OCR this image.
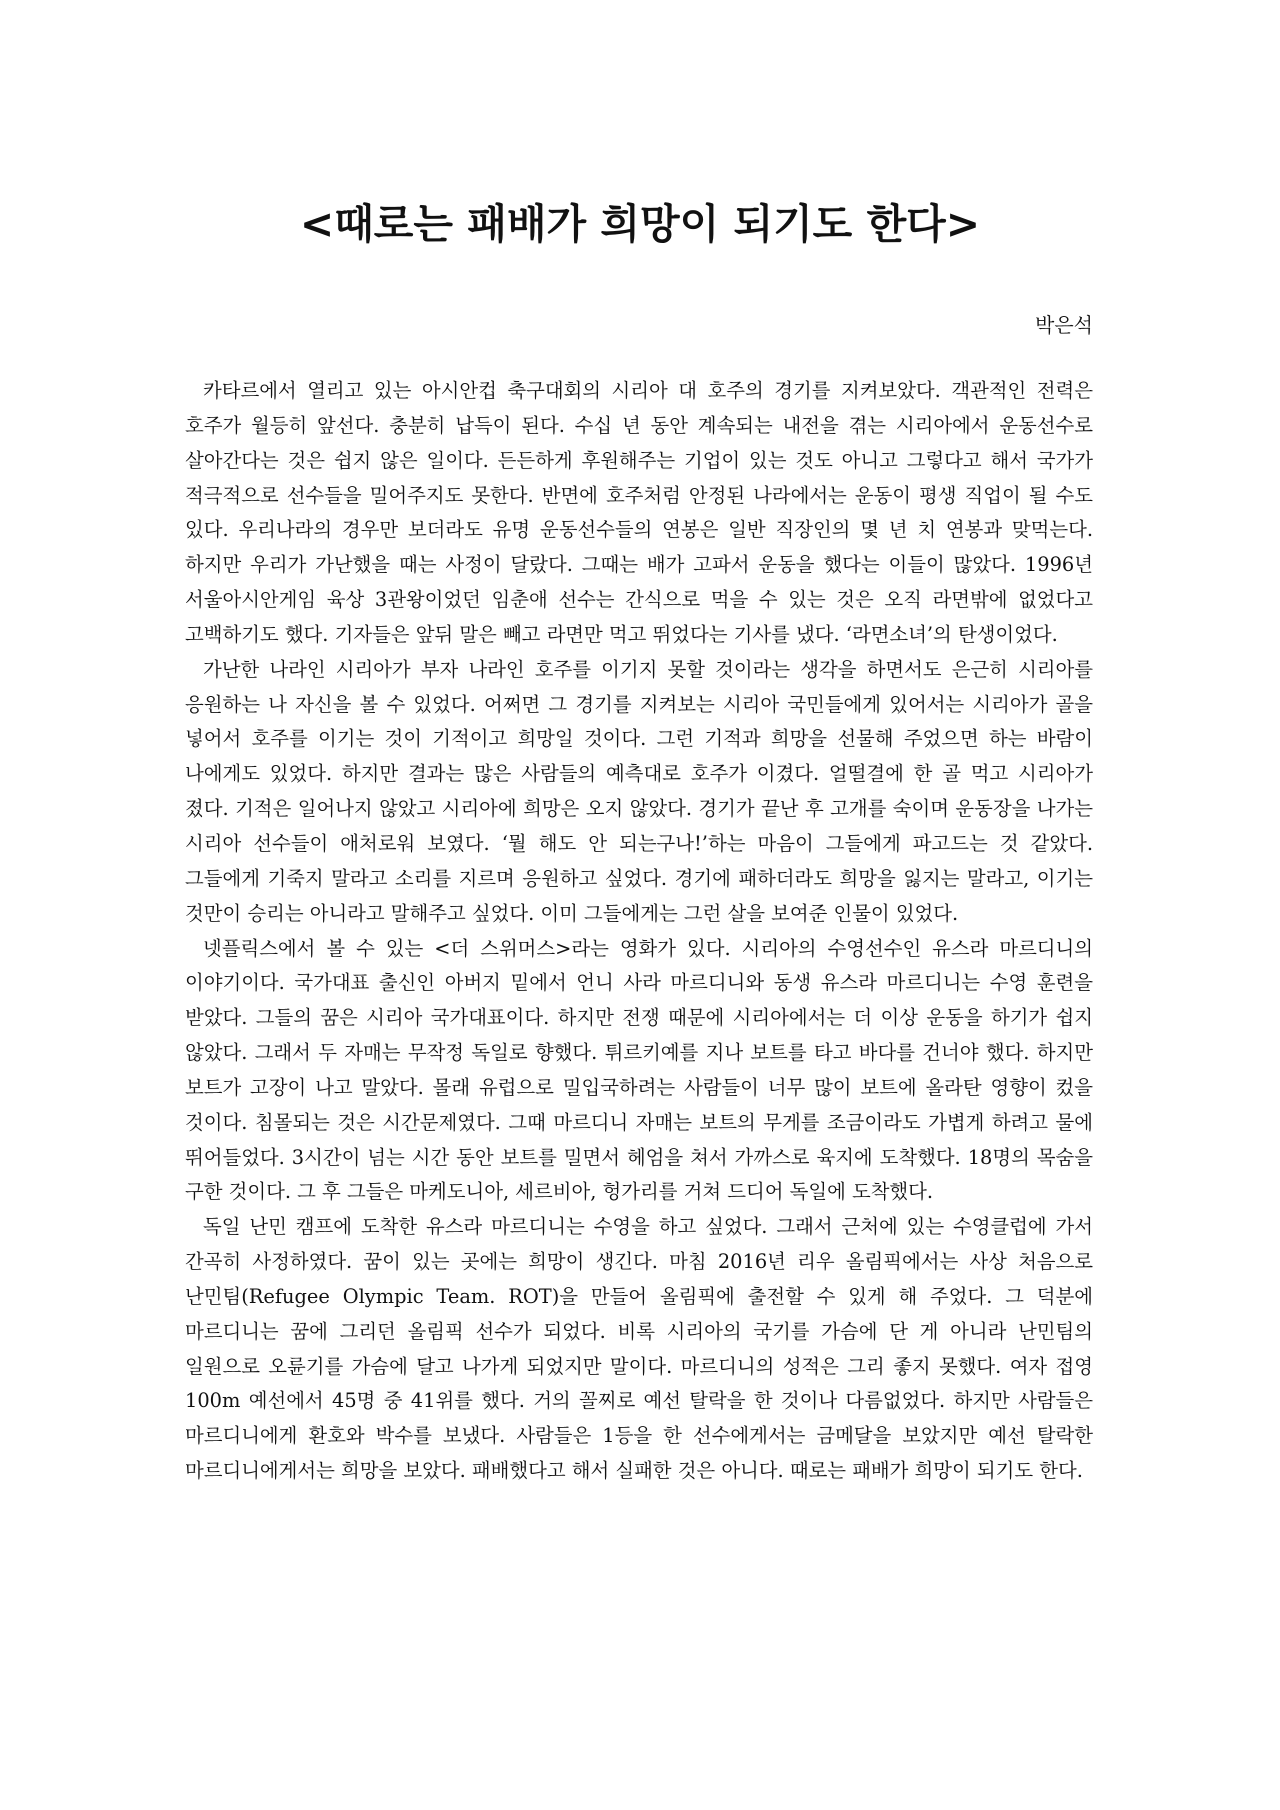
<때로는 패배가 희망이 되기도 한다>
박은석

카타르에서 열리고 있는 아시안컵 축구대회의 시리아 대 호주의 경기를 지켜보았다. 객관적인 전력은 호주가 월등히 앞선다. 충분히 납득이 된다. 수십 년 동안 계속되는 내전을 겪는 시리아에서 운동선수로 살아간다는 것은 쉽지 않은 일이다. 든든하게 후원해주는 기업이 있는 것도 아니고 그렇다고 해서 국가가 적극적으로 선수들을 밀어주지도 못한다. 반면에 호주처럼 안정된 나라에서는 운동이 평생 직업이 될 수도 있다. 우리나라의 경우만 보더라도 유명 운동선수들의 연봉은 일반 직장인의 몇 년 치 연봉과 맞먹는다. 하지만 우리가 가난했을 때는 사정이 달랐다. 그때는 배가 고파서 운동을 했다는 이들이 많았다. 1996년 서울아시안게임 육상 3관왕이었던 임춘애 선수는 간식으로 먹을 수 있는 것은 오직 라면밖에 없었다고 고백하기도 했다. 기자들은 앞뒤 말은 빼고 라면만 먹고 뛰었다는 기사를 냈다. ‘라면소녀’의 탄생이었다.

가난한 나라인 시리아가 부자 나라인 호주를 이기지 못할 것이라는 생각을 하면서도 은근히 시리아를 응원하는 나 자신을 볼 수 있었다. 어쩌면 그 경기를 지켜보는 시리아 국민들에게 있어서는 시리아가 골을 넣어서 호주를 이기는 것이 기적이고 희망일 것이다. 그런 기적과 희망을 선물해 주었으면 하는 바람이 나에게도 있었다. 하지만 결과는 많은 사람들의 예측대로 호주가 이겼다. 얼떨결에 한 골 먹고 시리아가 졌다. 기적은 일어나지 않았고 시리아에 희망은 오지 않았다. 경기가 끝난 후 고개를 숙이며 운동장을 나가는 시리아 선수들이 애처로워 보였다. ‘뭘 해도 안 되는구나!’하는 마음이 그들에게 파고드는 것 같았다. 그들에게 기죽지 말라고 소리를 지르며 응원하고 싶었다. 경기에 패하더라도 희망을 잃지는 말라고, 이기는 것만이 승리는 아니라고 말해주고 싶었다. 이미 그들에게는 그런 살을 보여준 인물이 있었다.

넷플릭스에서 볼 수 있는 <더 스위머스>라는 영화가 있다. 시리아의 수영선수인 유스라 마르디니의 이야기이다. 국가대표 출신인 아버지 밑에서 언니 사라 마르디니와 동생 유스라 마르디니는 수영 훈련을 받았다. 그들의 꿈은 시리아 국가대표이다. 하지만 전쟁 때문에 시리아에서는 더 이상 운동을 하기가 쉽지 않았다. 그래서 두 자매는 무작정 독일로 향했다. 튀르키예를 지나 보트를 타고 바다를 건너야 했다. 하지만 보트가 고장이 나고 말았다. 몰래 유럽으로 밀입국하려는 사람들이 너무 많이 보트에 올라탄 영향이 컸을 것이다. 침몰되는 것은 시간문제였다. 그때 마르디니 자매는 보트의 무게를 조금이라도 가볍게 하려고 물에 뛰어들었다. 3시간이 넘는 시간 동안 보트를 밀면서 헤엄을 쳐서 가까스로 육지에 도착했다. 18명의 목숨을 구한 것이다. 그 후 그들은 마케도니아, 세르비아, 헝가리를 거쳐 드디어 독일에 도착했다.

독일 난민 캠프에 도착한 유스라 마르디니는 수영을 하고 싶었다. 그래서 근처에 있는 수영클럽에 가서 간곡히 사정하였다. 꿈이 있는 곳에는 희망이 생긴다. 마침 2016년 리우 올림픽에서는 사상 처음으로 난민팀(Refugee Olympic Team. ROT)을 만들어 올림픽에 출전할 수 있게 해 주었다. 그 덕분에 마르디니는 꿈에 그리던 올림픽 선수가 되었다. 비록 시리아의 국기를 가슴에 단 게 아니라 난민팀의 일원으로 오륜기를 가슴에 달고 나가게 되었지만 말이다. 마르디니의 성적은 그리 좋지 못했다. 여자 접영 100m 예선에서 45명 중 41위를 했다. 거의 꼴찌로 예선 탈락을 한 것이나 다름없었다. 하지만 사람들은 마르디니에게 환호와 박수를 보냈다. 사람들은 1등을 한 선수에게서는 금메달을 보았지만 예선 탈락한 마르디니에게서는 희망을 보았다. 패배했다고 해서 실패한 것은 아니다. 때로는 패배가 희망이 되기도 한다.
